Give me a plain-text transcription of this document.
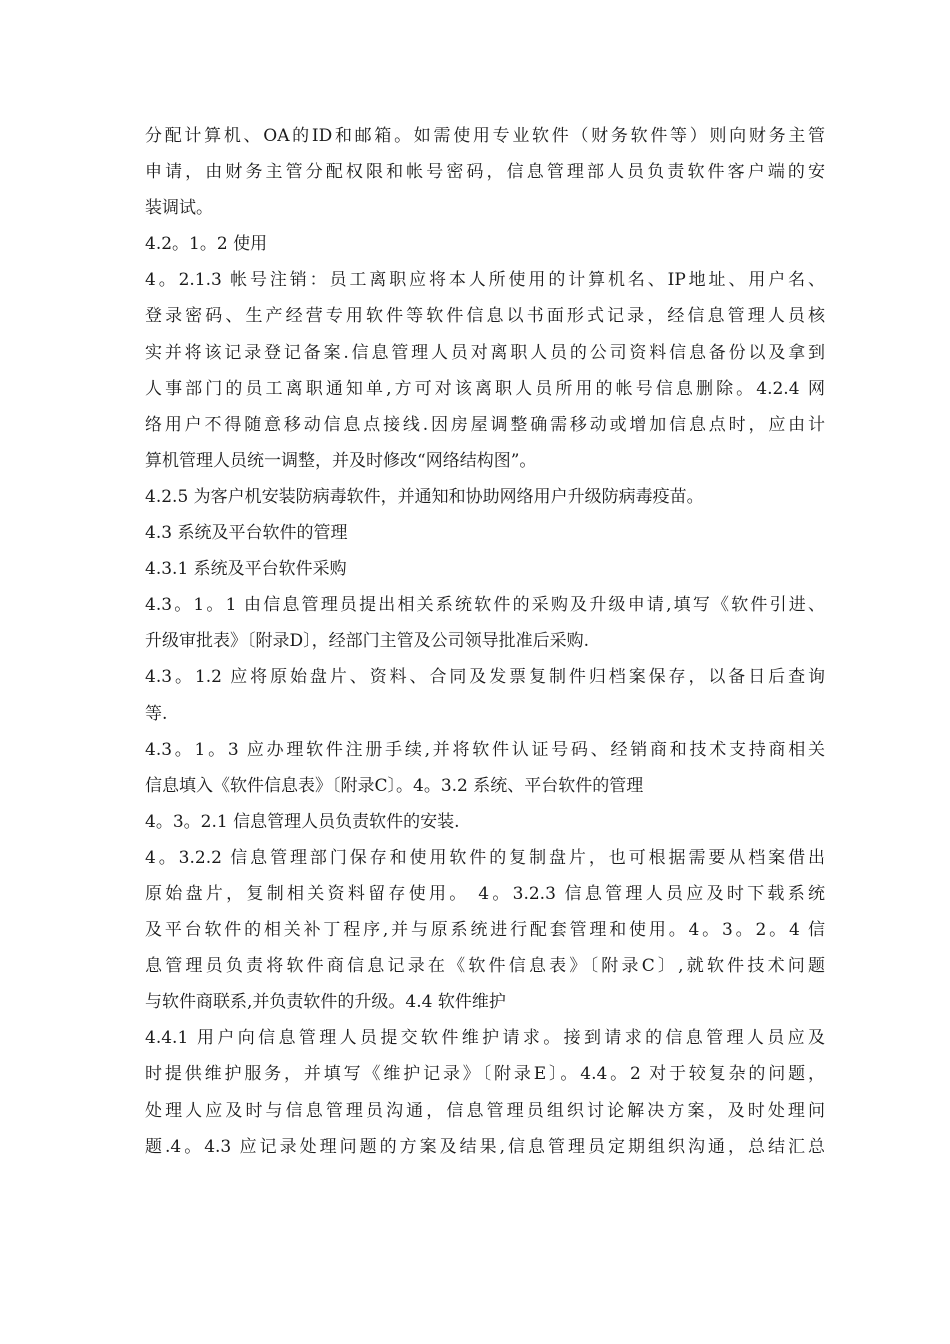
分配计算机、OA的ID和邮箱。如需使用专业软件（财务软件等）则向财务主管
申请，由财务主管分配权限和帐号密码，信息管理部人员负责软件客户端的安
装调试。
4.2。1。2 使用
4。2.1.3 帐号注销：员工离职应将本人所使用的计算机名、IP地址、用户名、
登录密码、生产经营专用软件等软件信息以书面形式记录，经信息管理人员核
实并将该记录登记备案.信息管理人员对离职人员的公司资料信息备份以及拿到
人事部门的员工离职通知单,方可对该离职人员所用的帐号信息删除。4.2.4 网
络用户不得随意移动信息点接线.因房屋调整确需移动或增加信息点时，应由计
算机管理人员统一调整，并及时修改“网络结构图”。
4.2.5 为客户机安装防病毒软件，并通知和协助网络用户升级防病毒疫苗。
4.3 系统及平台软件的管理
4.3.1 系统及平台软件采购
4.3。1。1 由信息管理员提出相关系统软件的采购及升级申请,填写《软件引进、
升级审批表》〔附录D〕，经部门主管及公司领导批准后采购.
4.3。1.2 应将原始盘片、资料、合同及发票复制件归档案保存，以备日后查询
等.
4.3。1。3 应办理软件注册手续,并将软件认证号码、经销商和技术支持商相关
信息填入《软件信息表》〔附录C〕。4。3.2 系统、平台软件的管理
4。3。2.1 信息管理人员负责软件的安装.
4。3.2.2 信息管理部门保存和使用软件的复制盘片，也可根据需要从档案借出
原始盘片，复制相关资料留存使用。 4。3.2.3 信息管理人员应及时下载系统
及平台软件的相关补丁程序,并与原系统进行配套管理和使用。4。3。2。4 信
息管理员负责将软件商信息记录在《软件信息表》〔附录C〕,就软件技术问题
与软件商联系,并负责软件的升级。4.4 软件维护
4.4.1 用户向信息管理人员提交软件维护请求。接到请求的信息管理人员应及
时提供维护服务，并填写《维护记录》〔附录E〕。4.4。2 对于较复杂的问题，
处理人应及时与信息管理员沟通，信息管理员组织讨论解决方案，及时处理问
题.4。4.3 应记录处理问题的方案及结果,信息管理员定期组织沟通，总结汇总
